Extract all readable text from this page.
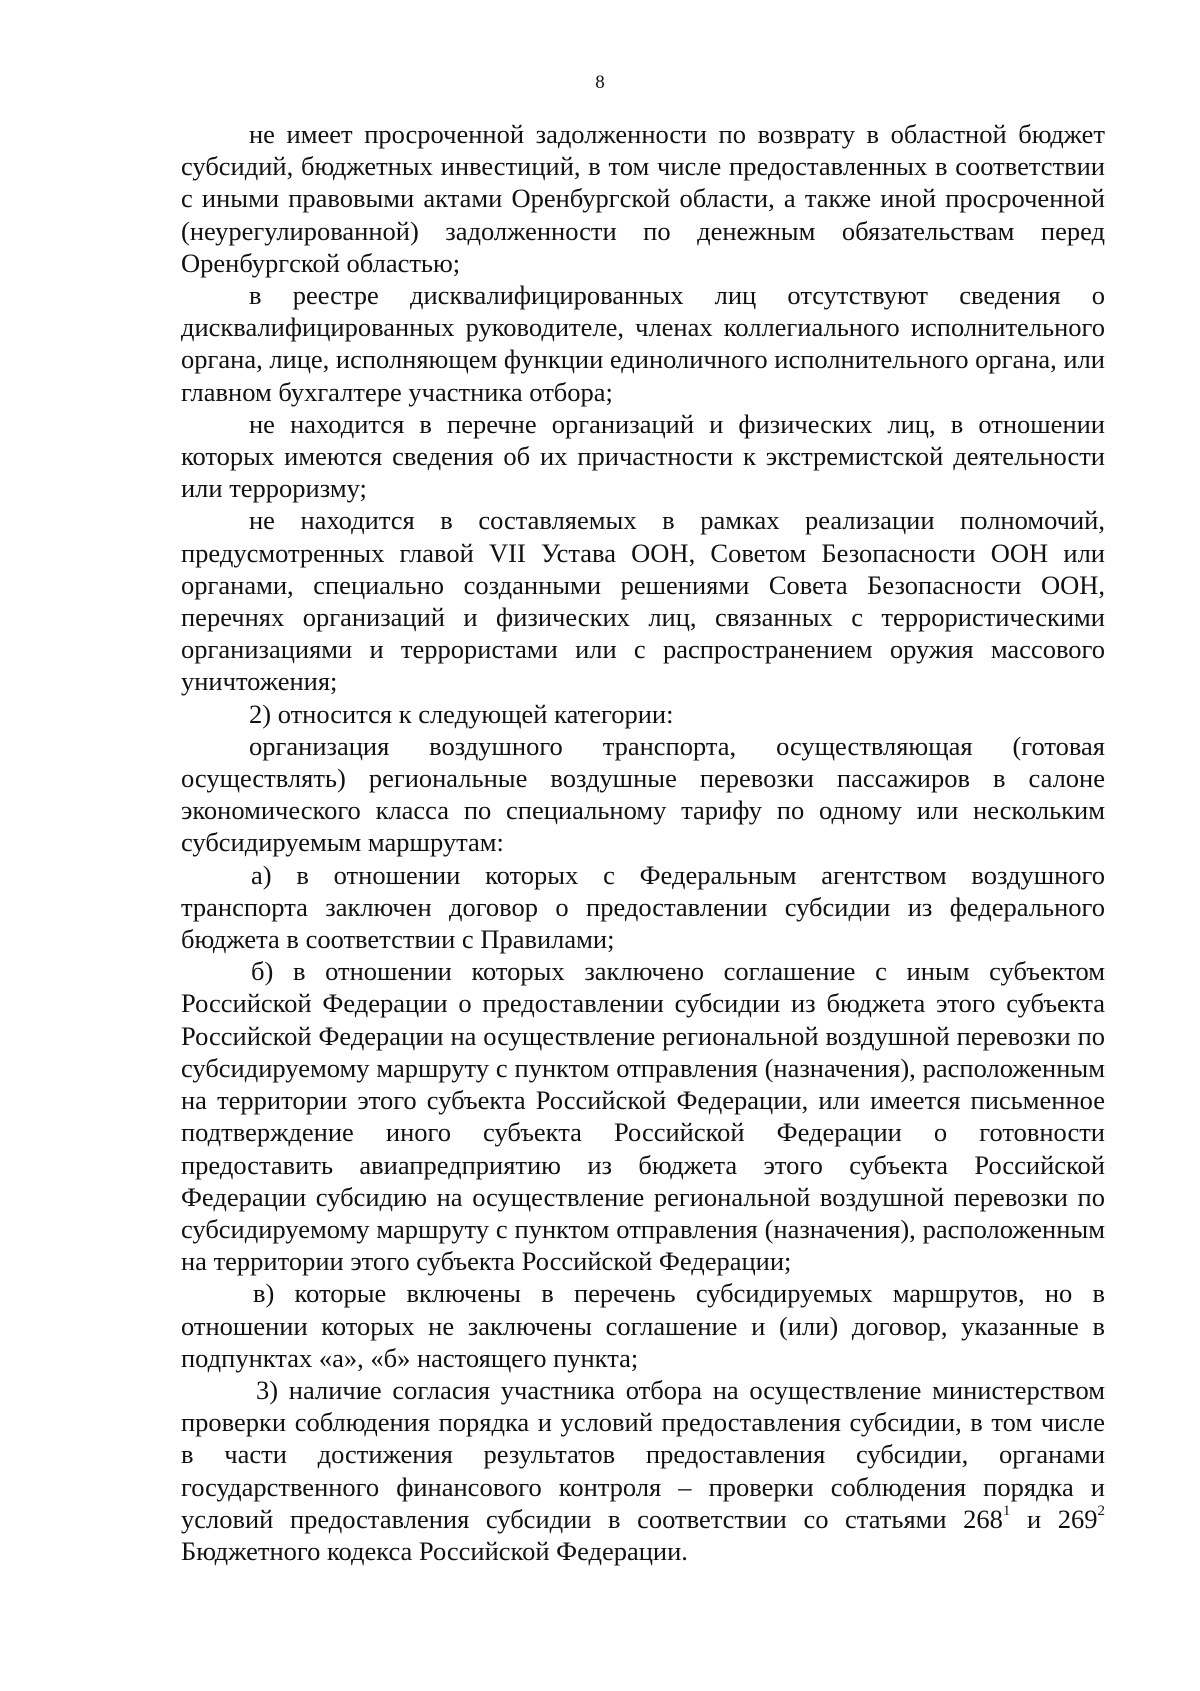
8

не имеет просроченной задолженности по возврату в областной бюджет субсидий, бюджетных инвестиций, в том числе предоставленных в соответствии с иными правовыми актами Оренбургской области, а также иной просроченной (неурегулированной) задолженности по денежным обязательствам перед Оренбургской областью;

в реестре дисквалифицированных лиц отсутствуют сведения о дисквалифицированных руководителе, членах коллегиального исполнительного органа, лице, исполняющем функции единоличного исполнительного органа, или главном бухгалтере участника отбора;

не находится в перечне организаций и физических лиц, в отношении которых имеются сведения об их причастности к экстремистской деятельности или терроризму;

не находится в составляемых в рамках реализации полномочий, предусмотренных главой VII Устава ООН, Советом Безопасности ООН или органами, специально созданными решениями Совета Безопасности ООН, перечнях организаций и физических лиц, связанных с террористическими организациями и террористами или с распространением оружия массового уничтожения;

2) относится к следующей категории:

организация воздушного транспорта, осуществляющая (готовая осуществлять) региональные воздушные перевозки пассажиров в салоне экономического класса по специальному тарифу по одному или нескольким субсидируемым маршрутам:

а) в отношении которых с Федеральным агентством воздушного транспорта заключен договор о предоставлении субсидии из федерального бюджета в соответствии с Правилами;

б) в отношении которых заключено соглашение с иным субъектом Российской Федерации о предоставлении субсидии из бюджета этого субъекта Российской Федерации на осуществление региональной воздушной перевозки по субсидируемому маршруту с пунктом отправления (назначения), расположенным на территории этого субъекта Российской Федерации, или имеется письменное подтверждение иного субъекта Российской Федерации о готовности предоставить авиапредприятию из бюджета этого субъекта Российской Федерации субсидию на осуществление региональной воздушной перевозки по субсидируемому маршруту с пунктом отправления (назначения), расположенным на территории этого субъекта Российской Федерации;

в) которые включены в перечень субсидируемых маршрутов, но в отношении которых не заключены соглашение и (или) договор, указанные в подпунктах «а», «б» настоящего пункта;

3) наличие согласия участника отбора на осуществление министерством проверки соблюдения порядка и условий предоставления субсидии, в том числе в части достижения результатов предоставления субсидии, органами государственного финансового контроля – проверки соблюдения порядка и условий предоставления субсидии в соответствии со статьями $268^1$ и $269^2$ Бюджетного кодекса Российской Федерации.
